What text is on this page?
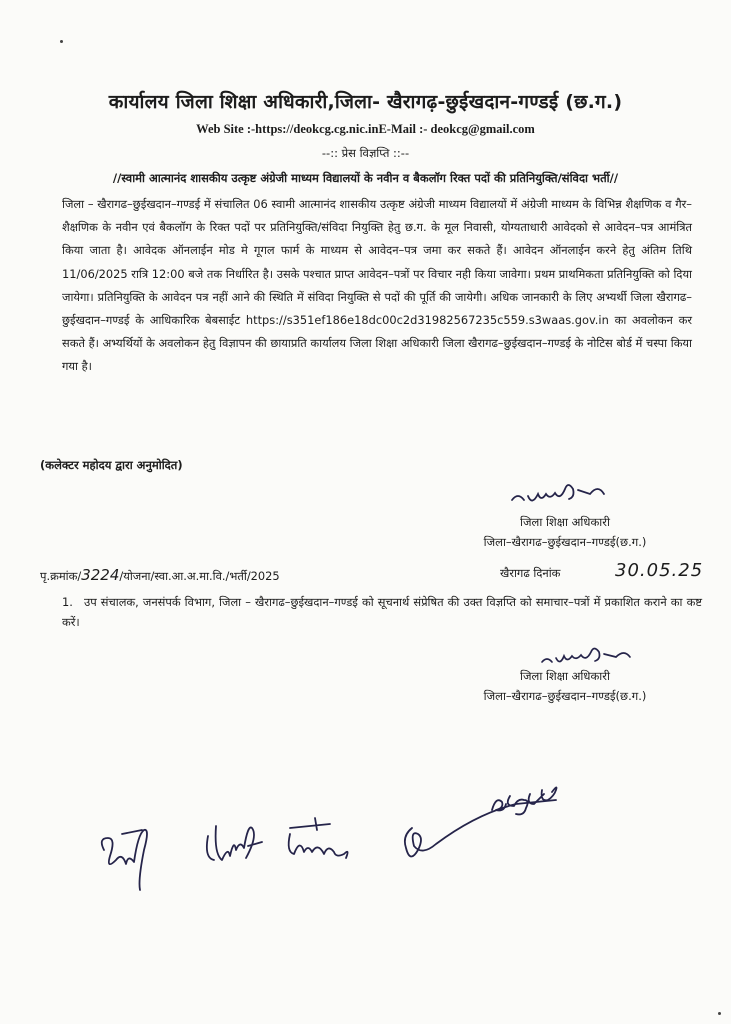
कार्यालय जिला शिक्षा अधिकारी,जिला- खैरागढ़-छुईखदान-गण्डई (छ.ग.)
Web Site :-https://deokcg.cg.nic.inE-Mail :- deokcg@gmail.com
--:: प्रेस विज्ञप्ति ::--
//स्वामी आत्मानंद शासकीय उत्कृष्ट अंग्रेजी माध्यम विद्यालयों के नवीन व बैकलॉग रिक्त पदों की प्रतिनियुक्ति/संविदा भर्ती//
जिला – खैरागढ–छुईखदान–गण्डई में संचालित 06 स्वामी आत्मानंद शासकीय उत्कृष्ट अंग्रेजी माध्यम विद्यालयों में अंग्रेजी माध्यम के विभिन्न शैक्षणिक व गैर–शैक्षणिक के नवीन एवं बैकलॉग के रिक्त पदों पर प्रतिनियुक्ति/संविदा नियुक्ति हेतु छ.ग. के मूल निवासी, योग्यताधारी आवेदको से आवेदन–पत्र आमंत्रित किया जाता है। आवेदक ऑनलाईन मोड मे गूगल फार्म के माध्यम से आवेदन–पत्र जमा कर सकते हैं। आवेदन ऑनलाईन करने हेतु अंतिम तिथि 11/06/2025 रात्रि 12:00 बजे तक निर्धारित है। उसके पश्चात प्राप्त आवेदन–पत्रों पर विचार नही किया जावेगा। प्रथम प्राथमिकता प्रतिनियुक्ति को दिया जायेगा। प्रतिनियुक्ति के आवेदन पत्र नहीं आने की स्थिति में संविदा नियुक्ति से पदों की पूर्ति की जायेगी। अधिक जानकारी के लिए अभ्यर्थी जिला खैरागढ–छुईखदान–गण्डई के आधिकारिक बेबसाईट https://s351ef186e18dc00c2d31982567235c559.s3waas.gov.in का अवलोकन कर सकते हैं। अभ्यर्थियों के अवलोकन हेतु विज्ञापन की छायाप्रति कार्यालय जिला शिक्षा अधिकारी जिला खैरागढ–छुईखदान–गण्डई के नोटिस बोर्ड में चस्पा किया गया है।
(कलेक्टर महोदय द्वारा अनुमोदित)
जिला शिक्षा अधिकारी
जिला–खैरागढ–छुईखदान–गण्डई(छ.ग.)
पृ.क्रमांक/3224/योजना/स्वा.आ.अ.मा.वि./भर्ती/2025	खैरागढ दिनांक	30.05.25
1. उप संचालक, जनसंपर्क विभाग, जिला – खैरागढ–छुईखदान–गण्डई को सूचनार्थ संप्रेषित की उक्त विज्ञप्ति को समाचार–पत्रों में प्रकाशित कराने का कष्ट करें।
जिला शिक्षा अधिकारी
जिला–खैरागढ–छुईखदान–गण्डई(छ.ग.)
